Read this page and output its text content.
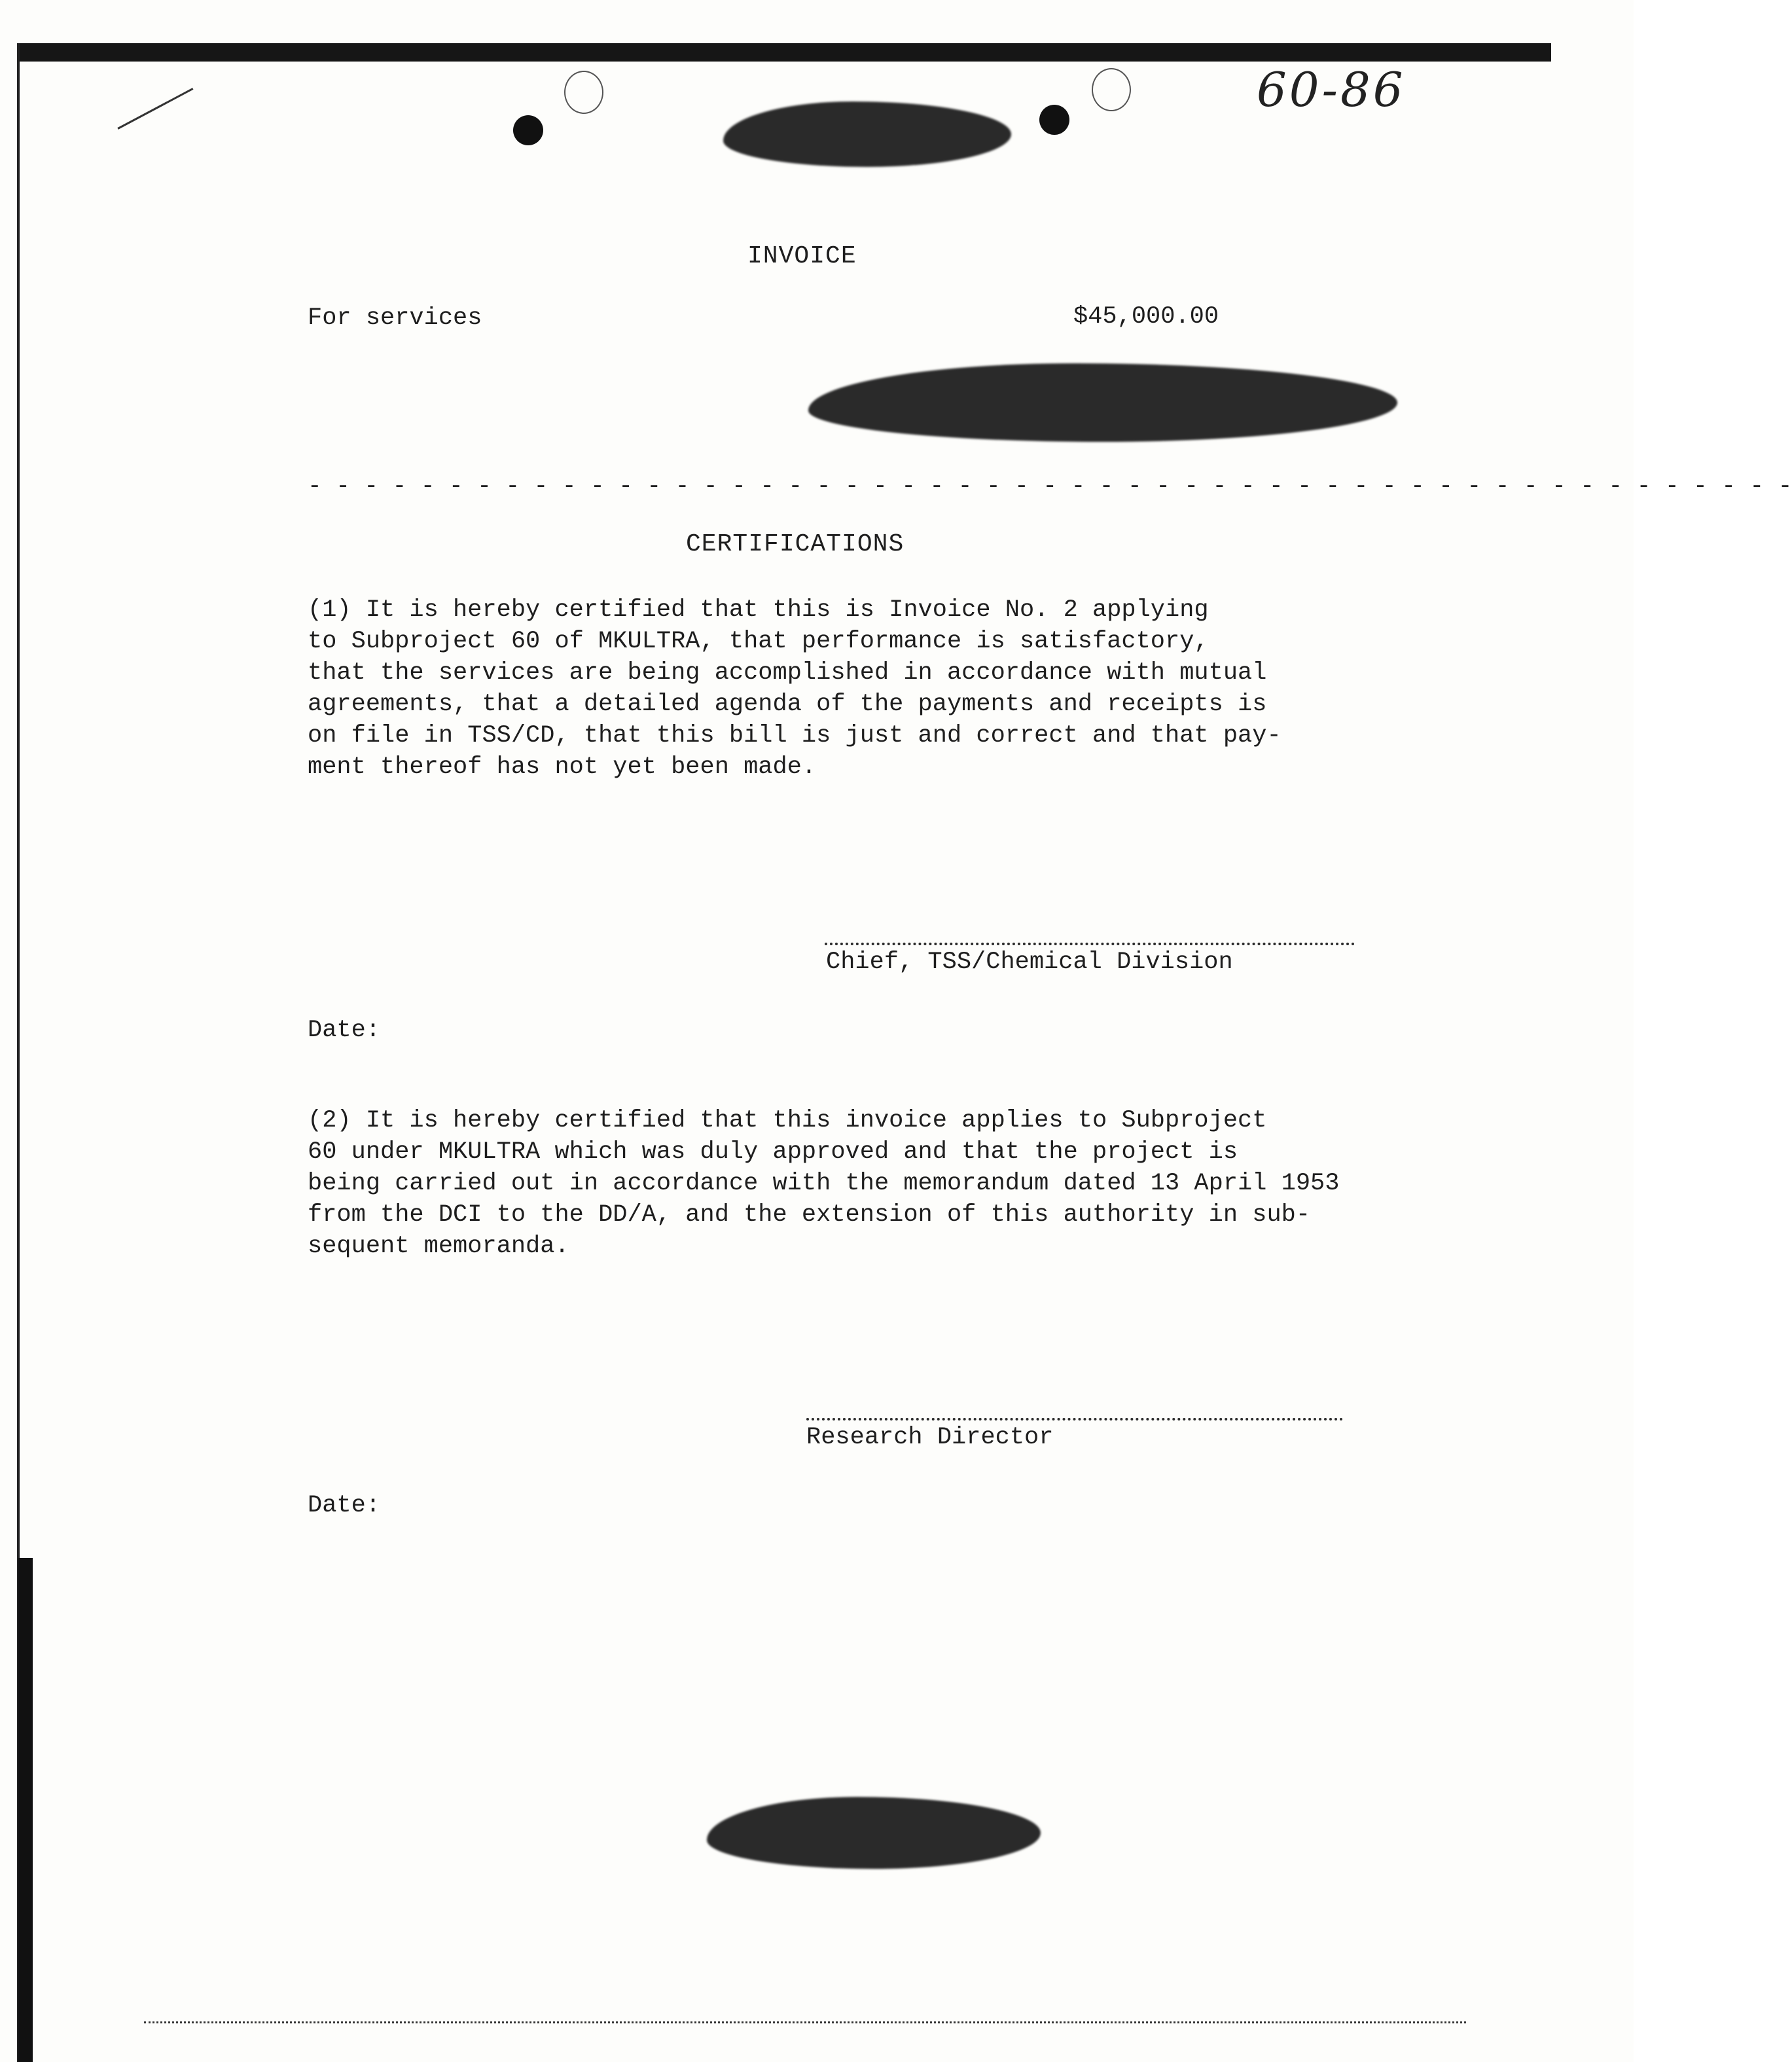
60-86
INVOICE
For services	$45,000.00
- - - - - - - - - - - - - - - - - - - - - - - - - - - - - - - - - - - - - - - - - - - - - - - - - - - - -
CERTIFICATIONS
(1) It is hereby certified that this is Invoice No. 2 applying
to Subproject 60 of MKULTRA, that performance is satisfactory,
that the services are being accomplished in accordance with mutual
agreements, that a detailed agenda of the payments and receipts is
on file in TSS/CD, that this bill is just and correct and that pay-
ment thereof has not yet been made.
Chief, TSS/Chemical Division
Date:
(2) It is hereby certified that this invoice applies to Subproject
60 under MKULTRA which was duly approved and that the project is
being carried out in accordance with the memorandum dated 13 April 1953
from the DCI to the DD/A, and the extension of this authority in sub-
sequent memoranda.
Research Director
Date:
